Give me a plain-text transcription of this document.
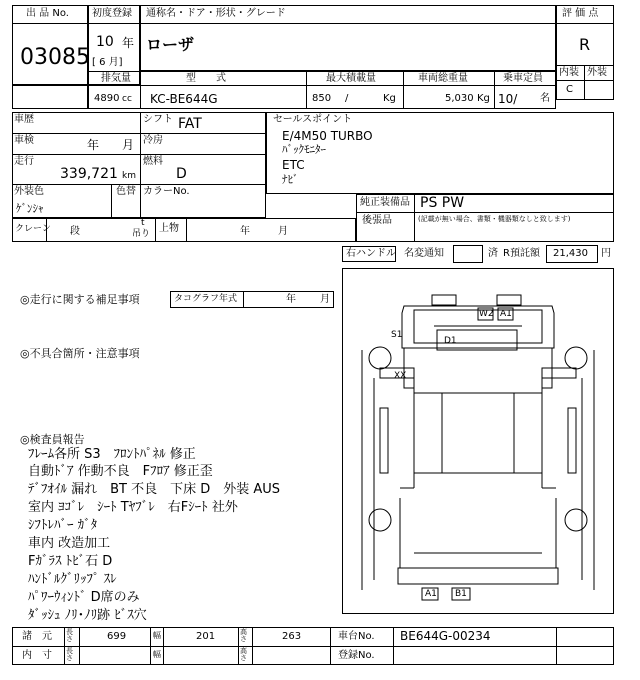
出 品 No.
03085
初度登録
10 年
[ 6 月]
通称名・ドア・形状・グレード
ローザ
評 価 点
R
内装 外装
C
排気量
4890 cc
型　　式
KC-BE644G
最大積載量
850 /	Kg
車両総重量
5,030 Kg
乗車定員
10/ 名
車歴	シフト FAT
車検	年 月 冷房
走行
339,721 km
燃料
D
外装色
ｹﾞﾝｼｬ
色替 カラーNo.
クレーン 段
t
吊り 上物	年	月
セールスポイント
E/4M50 TURBO
ﾊﾞｯｸﾓﾆﾀｰ
ETC
ﾅﾋﾞ
純正装備品 PS PW
後張品	(記載が無い場合、書類・機器類なしと致します)
右ハンドル 名変通知	済 R預託額 21,430 円
◎走行に関する補足事項	タコグラフ年式	年 月
◎不具合箇所・注意事項
◎検査員報告
ﾌﾚｰﾑ各所 S3　ﾌﾛﾝﾄﾊﾟﾈﾙ 修正
自動ﾄﾞｱ 作動不良　Fﾌﾛｱ 修正歪
ﾃﾞﾌｵｲﾙ 漏れ　BT 不良　下床 D　外装 AUS
室内 ﾖｺﾞﾚ　ｼｰﾄ Tﾔﾌﾞﾚ　右Fｼｰﾄ 社外
ｼﾌﾄﾚﾊﾞｰ ｶﾞﾀ
車内 改造加工
Fｶﾞﾗｽ ﾄﾋﾞ石 D
ﾊﾝﾄﾞﾙｸﾞﾘｯﾌﾟ ｽﾚ
ﾊﾟﾜｰｳｨﾝﾄﾞ D席のみ
ﾀﾞｯｼｭ ﾉﾘ･ﾉﾘ跡 ﾋﾞｽ穴
W2 A1
S1
D1
XX
A1 B1
諸　元 長さ	699	幅	201	高さ	263	車台No. BE644G-00234
内　寸 長さ	幅	高さ	登録No.
